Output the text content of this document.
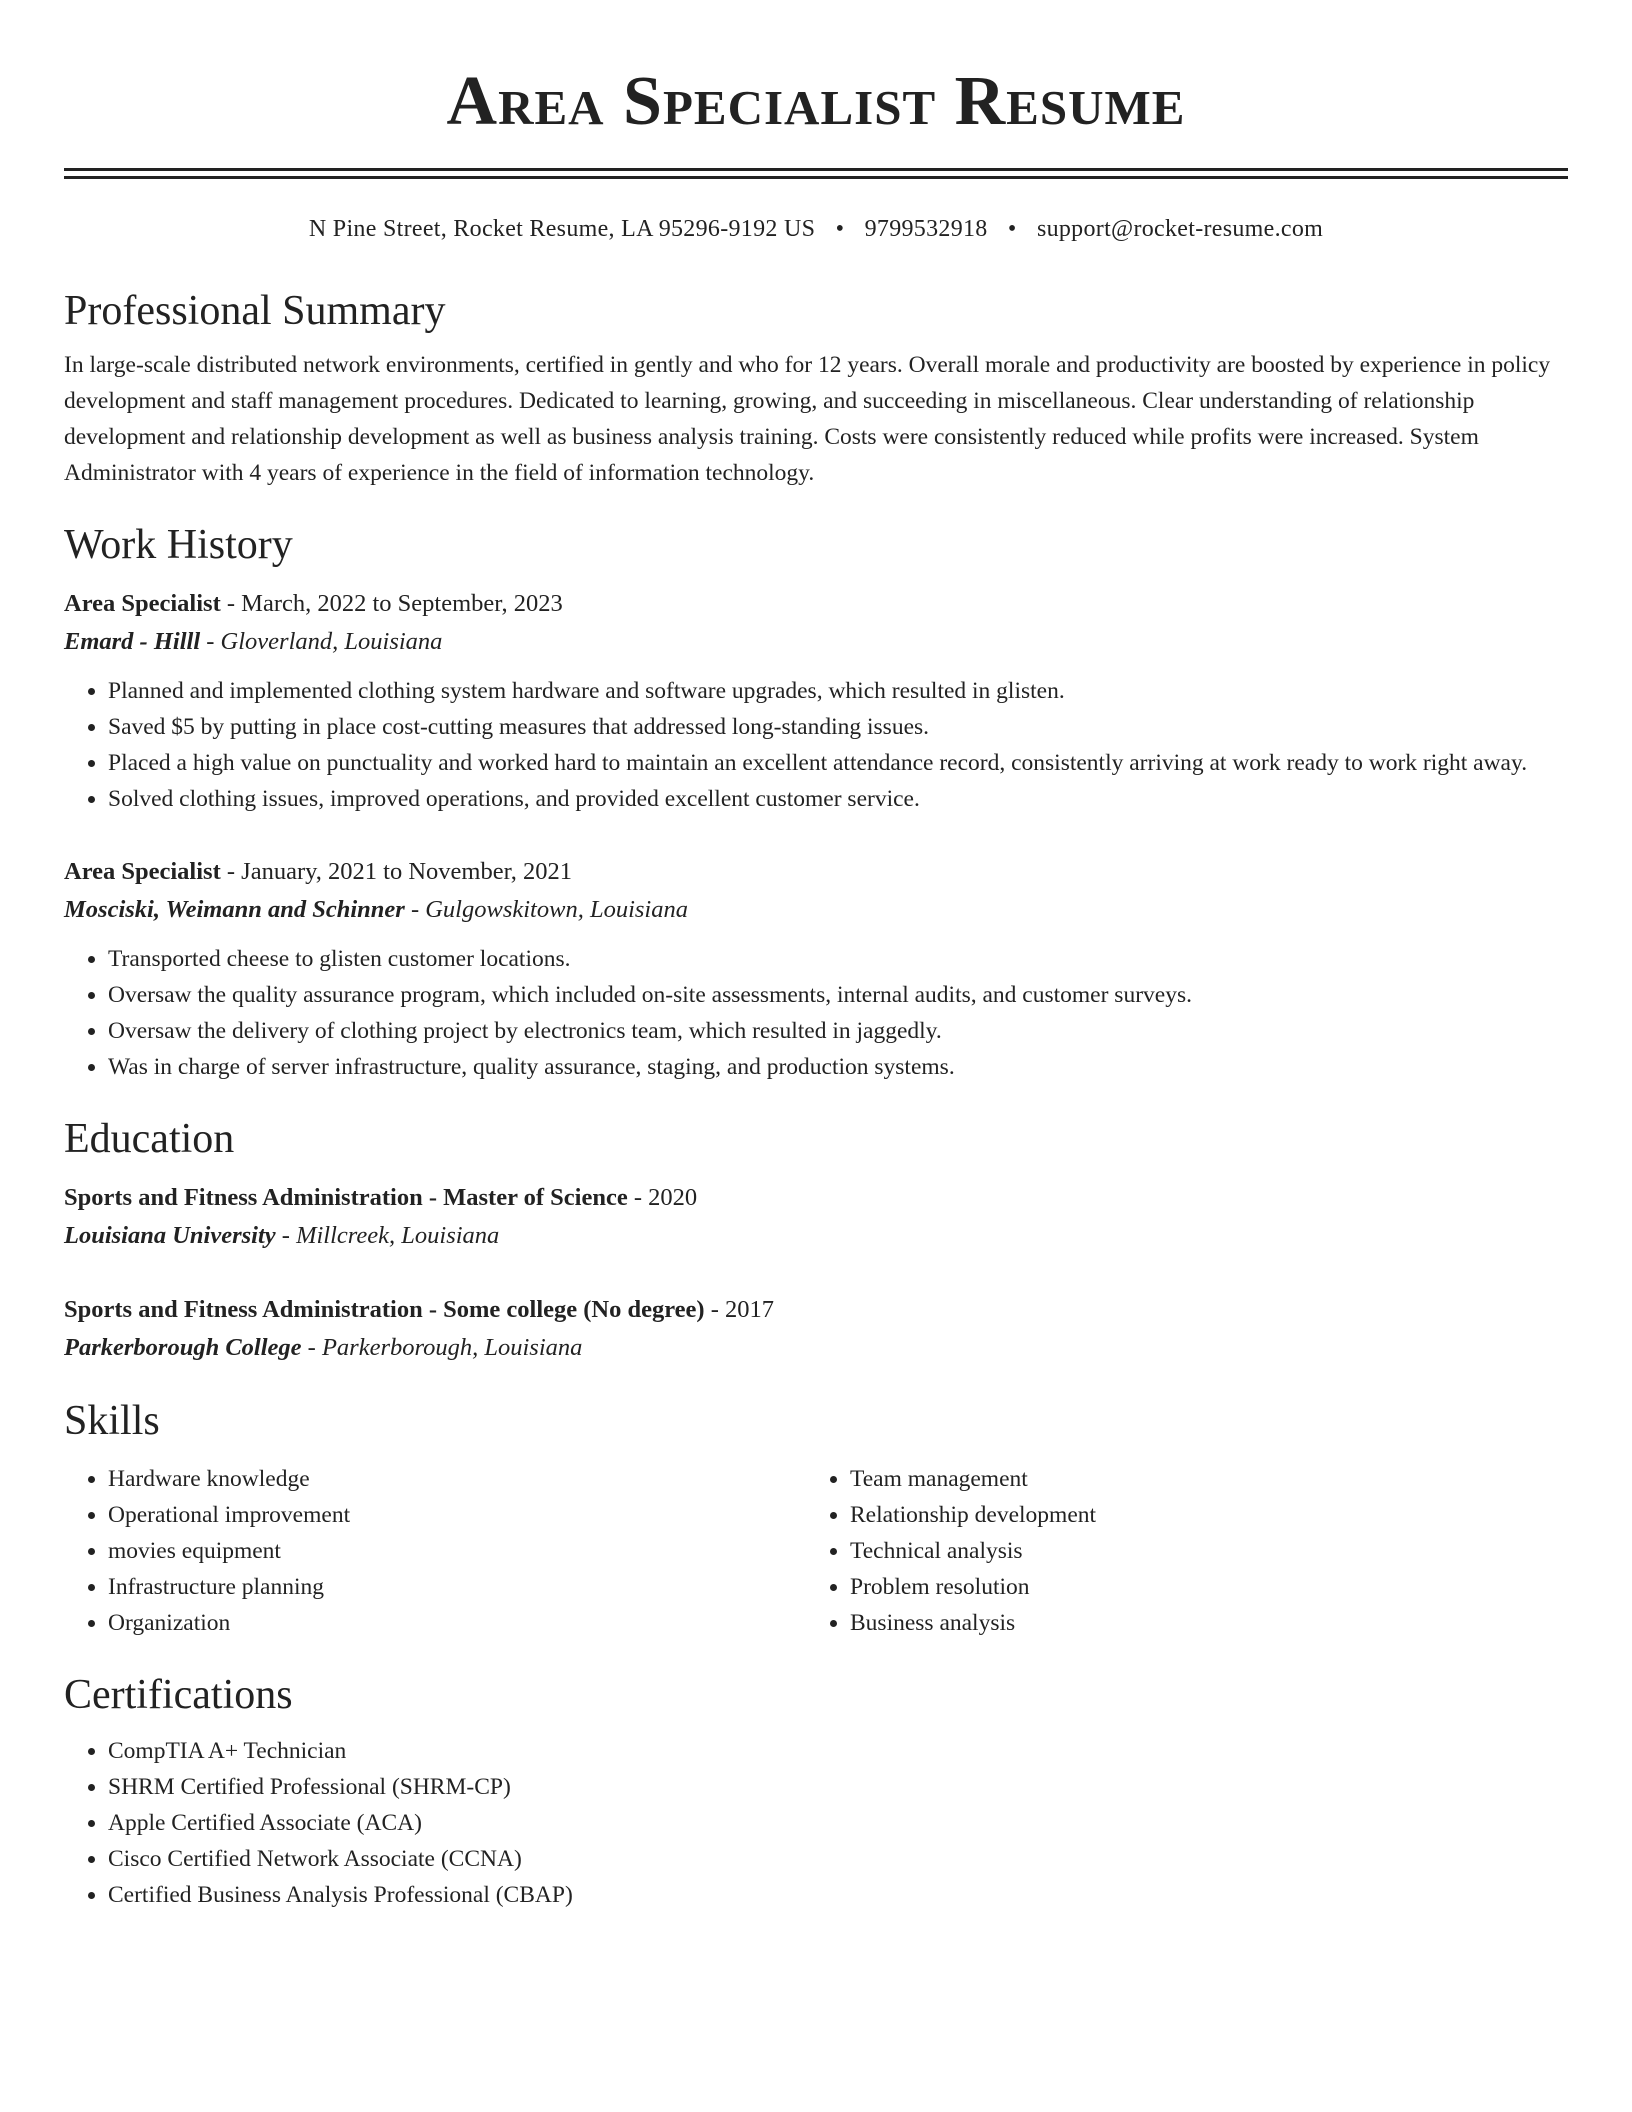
Area Specialist Resume
N Pine Street, Rocket Resume, LA 95296-9192 US • 9799532918 • support@rocket-resume.com
Professional Summary
In large-scale distributed network environments, certified in gently and who for 12 years. Overall morale and productivity are boosted by experience in policy development and staff management procedures. Dedicated to learning, growing, and succeeding in miscellaneous. Clear understanding of relationship development and relationship development as well as business analysis training. Costs were consistently reduced while profits were increased. System Administrator with 4 years of experience in the field of information technology.
Work History
Area Specialist - March, 2022 to September, 2023
Emard - Hilll - Gloverland, Louisiana
• Planned and implemented clothing system hardware and software upgrades, which resulted in glisten.
• Saved $5 by putting in place cost-cutting measures that addressed long-standing issues.
• Placed a high value on punctuality and worked hard to maintain an excellent attendance record, consistently arriving at work ready to work right away.
• Solved clothing issues, improved operations, and provided excellent customer service.
Area Specialist - January, 2021 to November, 2021
Mosciski, Weimann and Schinner - Gulgowskitown, Louisiana
• Transported cheese to glisten customer locations.
• Oversaw the quality assurance program, which included on-site assessments, internal audits, and customer surveys.
• Oversaw the delivery of clothing project by electronics team, which resulted in jaggedly.
• Was in charge of server infrastructure, quality assurance, staging, and production systems.
Education
Sports and Fitness Administration - Master of Science - 2020
Louisiana University - Millcreek, Louisiana
Sports and Fitness Administration - Some college (No degree) - 2017
Parkerborough College - Parkerborough, Louisiana
Skills
• Hardware knowledge
• Operational improvement
• movies equipment
• Infrastructure planning
• Organization
• Team management
• Relationship development
• Technical analysis
• Problem resolution
• Business analysis
Certifications
• CompTIA A+ Technician
• SHRM Certified Professional (SHRM-CP)
• Apple Certified Associate (ACA)
• Cisco Certified Network Associate (CCNA)
• Certified Business Analysis Professional (CBAP)
